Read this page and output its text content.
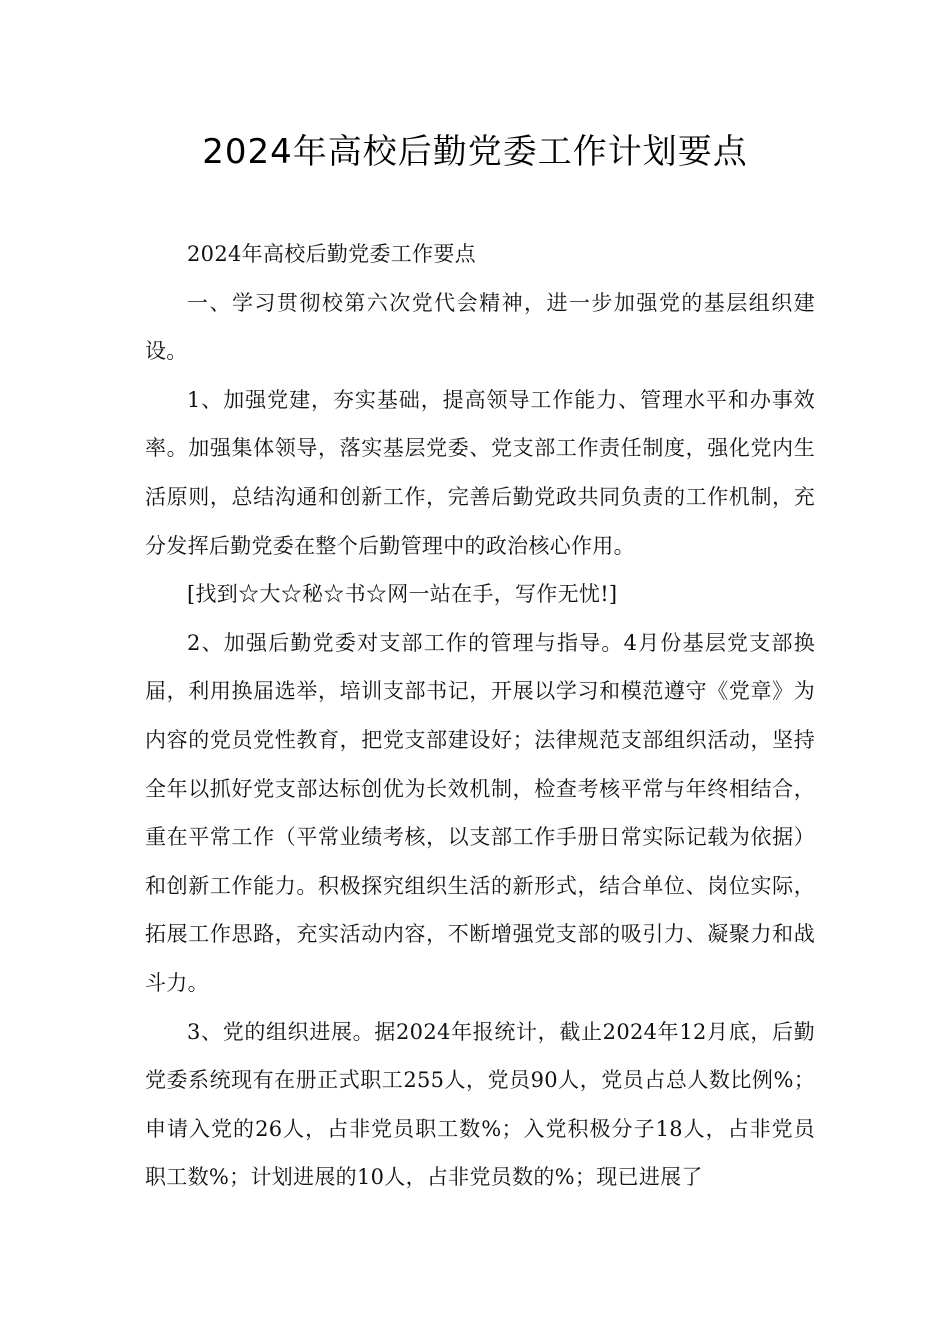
2024年高校后勤党委工作计划要点

2024年高校后勤党委工作要点

一、学习贯彻校第六次党代会精神，进一步加强党的基层组织建设。

1、加强党建，夯实基础，提高领导工作能力、管理水平和办事效率。加强集体领导，落实基层党委、党支部工作责任制度，强化党内生活原则，总结沟通和创新工作，完善后勤党政共同负责的工作机制，充分发挥后勤党委在整个后勤管理中的政治核心作用。

[找到☆大☆秘☆书☆网一站在手，写作无忧!]

2、加强后勤党委对支部工作的管理与指导。4月份基层党支部换届，利用换届选举，培训支部书记，开展以学习和模范遵守《党章》为内容的党员党性教育，把党支部建设好；法律规范支部组织活动，坚持全年以抓好党支部达标创优为长效机制，检查考核平常与年终相结合，重在平常工作（平常业绩考核，以支部工作手册日常实际记载为依据）和创新工作能力。积极探究组织生活的新形式，结合单位、岗位实际，拓展工作思路，充实活动内容，不断增强党支部的吸引力、凝聚力和战斗力。

3、党的组织进展。据2024年报统计，截止2024年12月底，后勤党委系统现有在册正式职工255人，党员90人，党员占总人数比例%；申请入党的26人，占非党员职工数%；入党积极分子18人，占非党员职工数%；计划进展的10人，占非党员数的%；现已进展了
